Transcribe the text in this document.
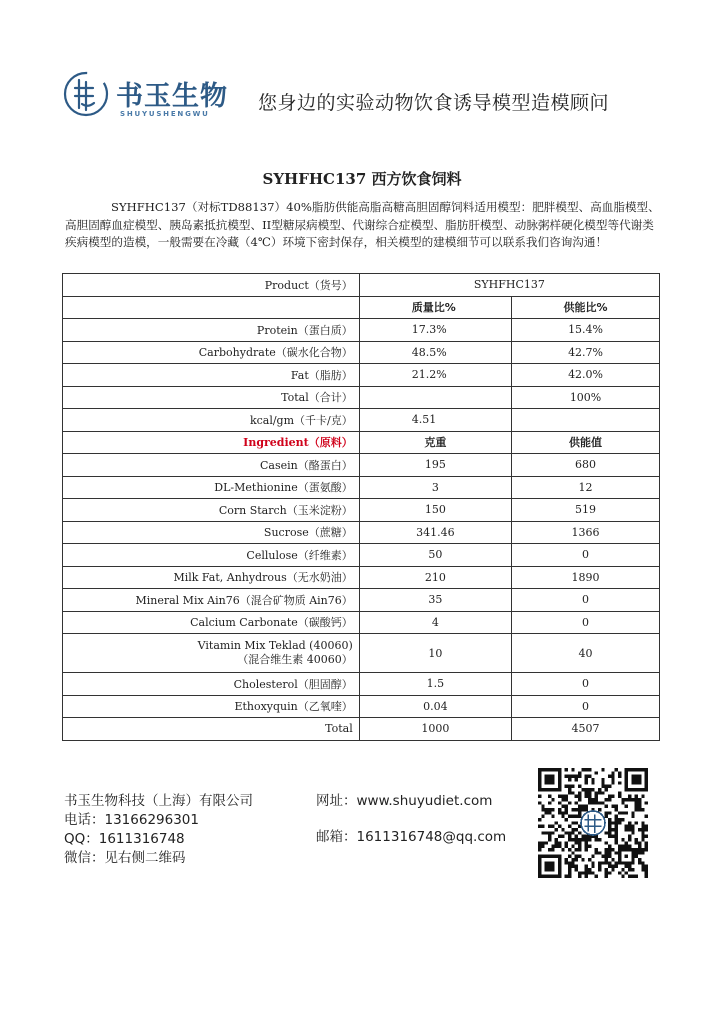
书玉生物
SHUYUSHENGWU	您身边的实验动物饮食诱导模型造模顾问
SYHFHC137 西方饮食饲料
SYHFHC137（对标TD88137）40%脂肪供能高脂高糖高胆固醇饲料适用模型：肥胖模型、高血脂模型、高胆固醇血症模型、胰岛素抵抗模型、II型糖尿病模型、代谢综合症模型、脂肪肝模型、动脉粥样硬化模型等代谢类疾病模型的造模，一般需要在冷藏（4℃）环境下密封保存，相关模型的建模细节可以联系我们咨询沟通！
Product（货号）	SYHFHC137	
	质量比%	供能比%
Protein（蛋白质）	17.3%	15.4%
Carbohydrate（碳水化合物）	48.5%	42.7%
Fat（脂肪）	21.2%	42.0%
Total（合计）		100%
kcal/gm（千卡/克）	4.51	
Ingredient（原料）	克重	供能值
Casein（酪蛋白）	195	680
DL-Methionine（蛋氨酸）	3	12
Corn Starch（玉米淀粉）	150	519
Sucrose（蔗糖）	341.46	1366
Cellulose（纤维素）	50	0
Milk Fat, Anhydrous（无水奶油）	210	1890
Mineral Mix Ain76（混合矿物质 Ain76）	35	0
Calcium Carbonate（碳酸钙）	4	0

Vitamin Mix Teklad (40060)
（混合维生素 40060）	10	40
Cholesterol（胆固醇）	1.5	0
Ethoxyquin（乙氧喹）	0.04	0
Total	1000	4507
书玉生物科技（上海）有限公司
电话：13166296301
QQ：1611316748
微信：见右侧二维码
网址：www.shuyudiet.com
邮箱：1611316748@qq.com
